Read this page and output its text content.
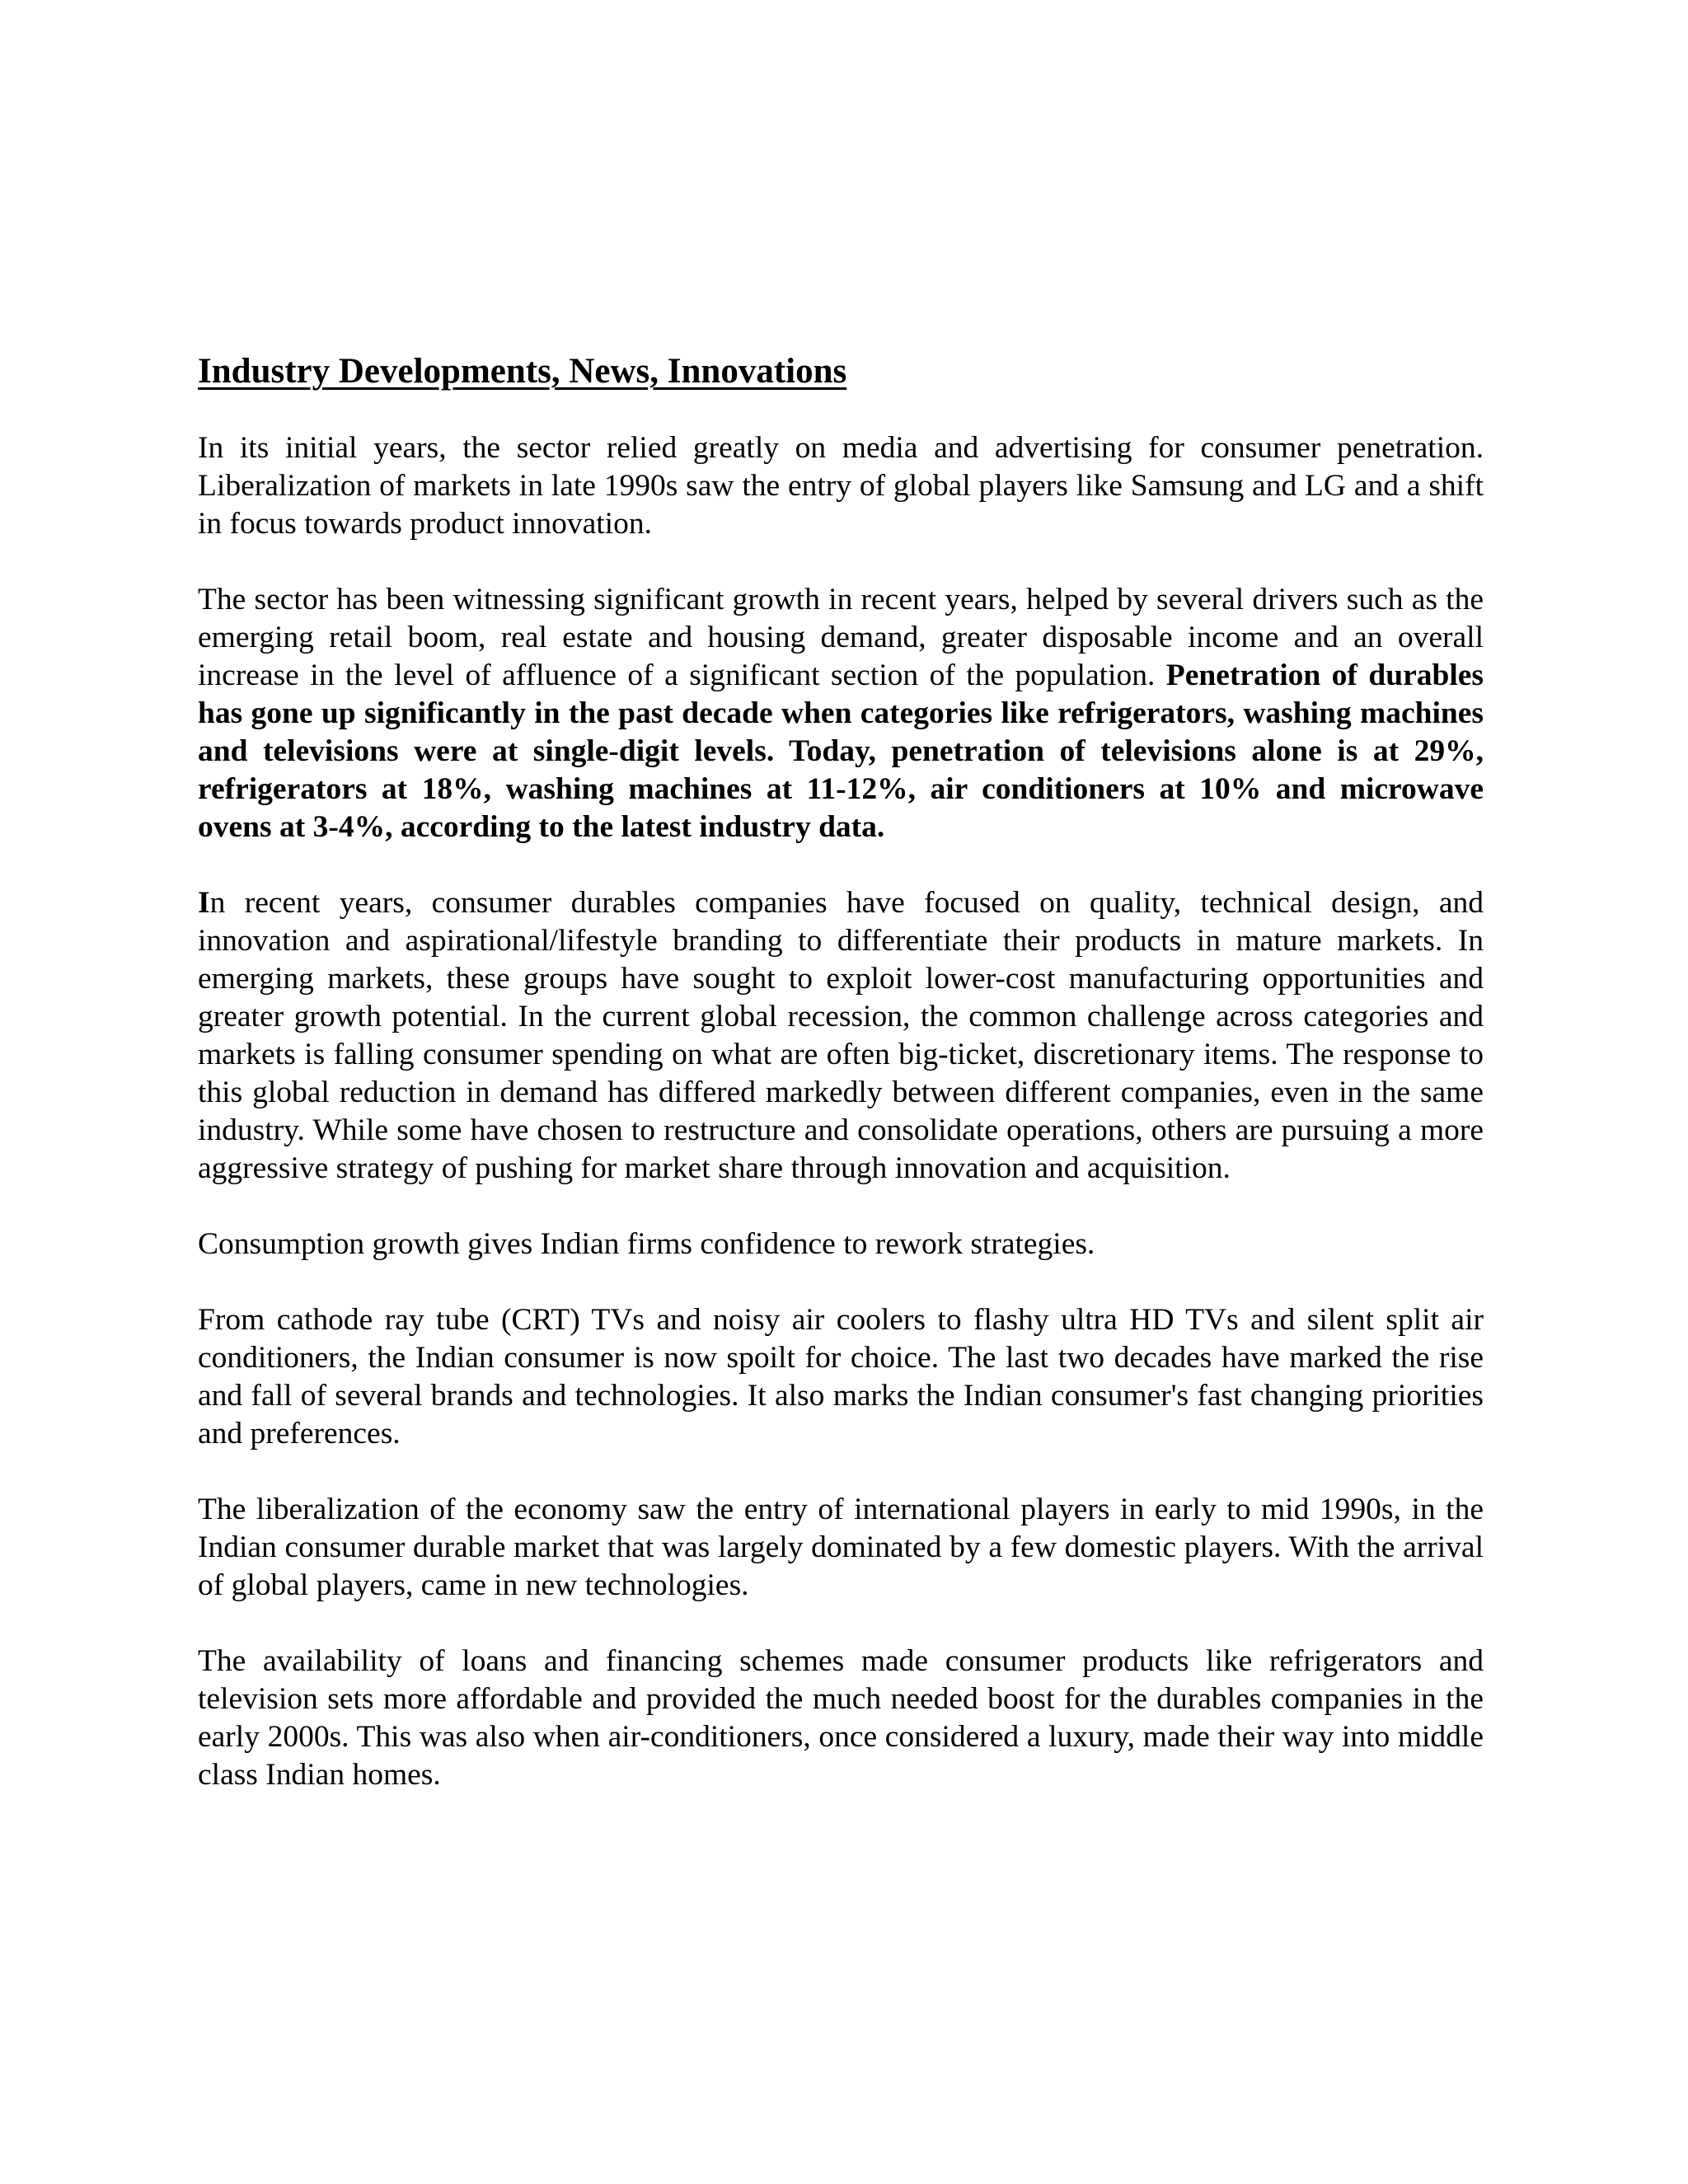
Industry Developments, News, Innovations

In its initial years, the sector relied greatly on media and advertising for consumer penetration. Liberalization of markets in late 1990s saw the entry of global players like Samsung and LG and a shift in focus towards product innovation.

The sector has been witnessing significant growth in recent years, helped by several drivers such as the emerging retail boom, real estate and housing demand, greater disposable income and an overall increase in the level of affluence of a significant section of the population. Penetration of durables has gone up significantly in the past decade when categories like refrigerators, washing machines and televisions were at single-digit levels. Today, penetration of televisions alone is at 29%, refrigerators at 18%, washing machines at 11-12%, air conditioners at 10% and microwave ovens at 3-4%, according to the latest industry data.

In recent years, consumer durables companies have focused on quality, technical design, and innovation and aspirational/lifestyle branding to differentiate their products in mature markets. In emerging markets, these groups have sought to exploit lower-cost manufacturing opportunities and greater growth potential. In the current global recession, the common challenge across categories and markets is falling consumer spending on what are often big-ticket, discretionary items. The response to this global reduction in demand has differed markedly between different companies, even in the same industry. While some have chosen to restructure and consolidate operations, others are pursuing a more aggressive strategy of pushing for market share through innovation and acquisition.

Consumption growth gives Indian firms confidence to rework strategies.

From cathode ray tube (CRT) TVs and noisy air coolers to flashy ultra HD TVs and silent split air conditioners, the Indian consumer is now spoilt for choice. The last two decades have marked the rise and fall of several brands and technologies. It also marks the Indian consumer's fast changing priorities and preferences.

The liberalization of the economy saw the entry of international players in early to mid 1990s, in the Indian consumer durable market that was largely dominated by a few domestic players. With the arrival of global players, came in new technologies.

The availability of loans and financing schemes made consumer products like refrigerators and television sets more affordable and provided the much needed boost for the durables companies in the early 2000s. This was also when air-conditioners, once considered a luxury, made their way into middle class Indian homes.
